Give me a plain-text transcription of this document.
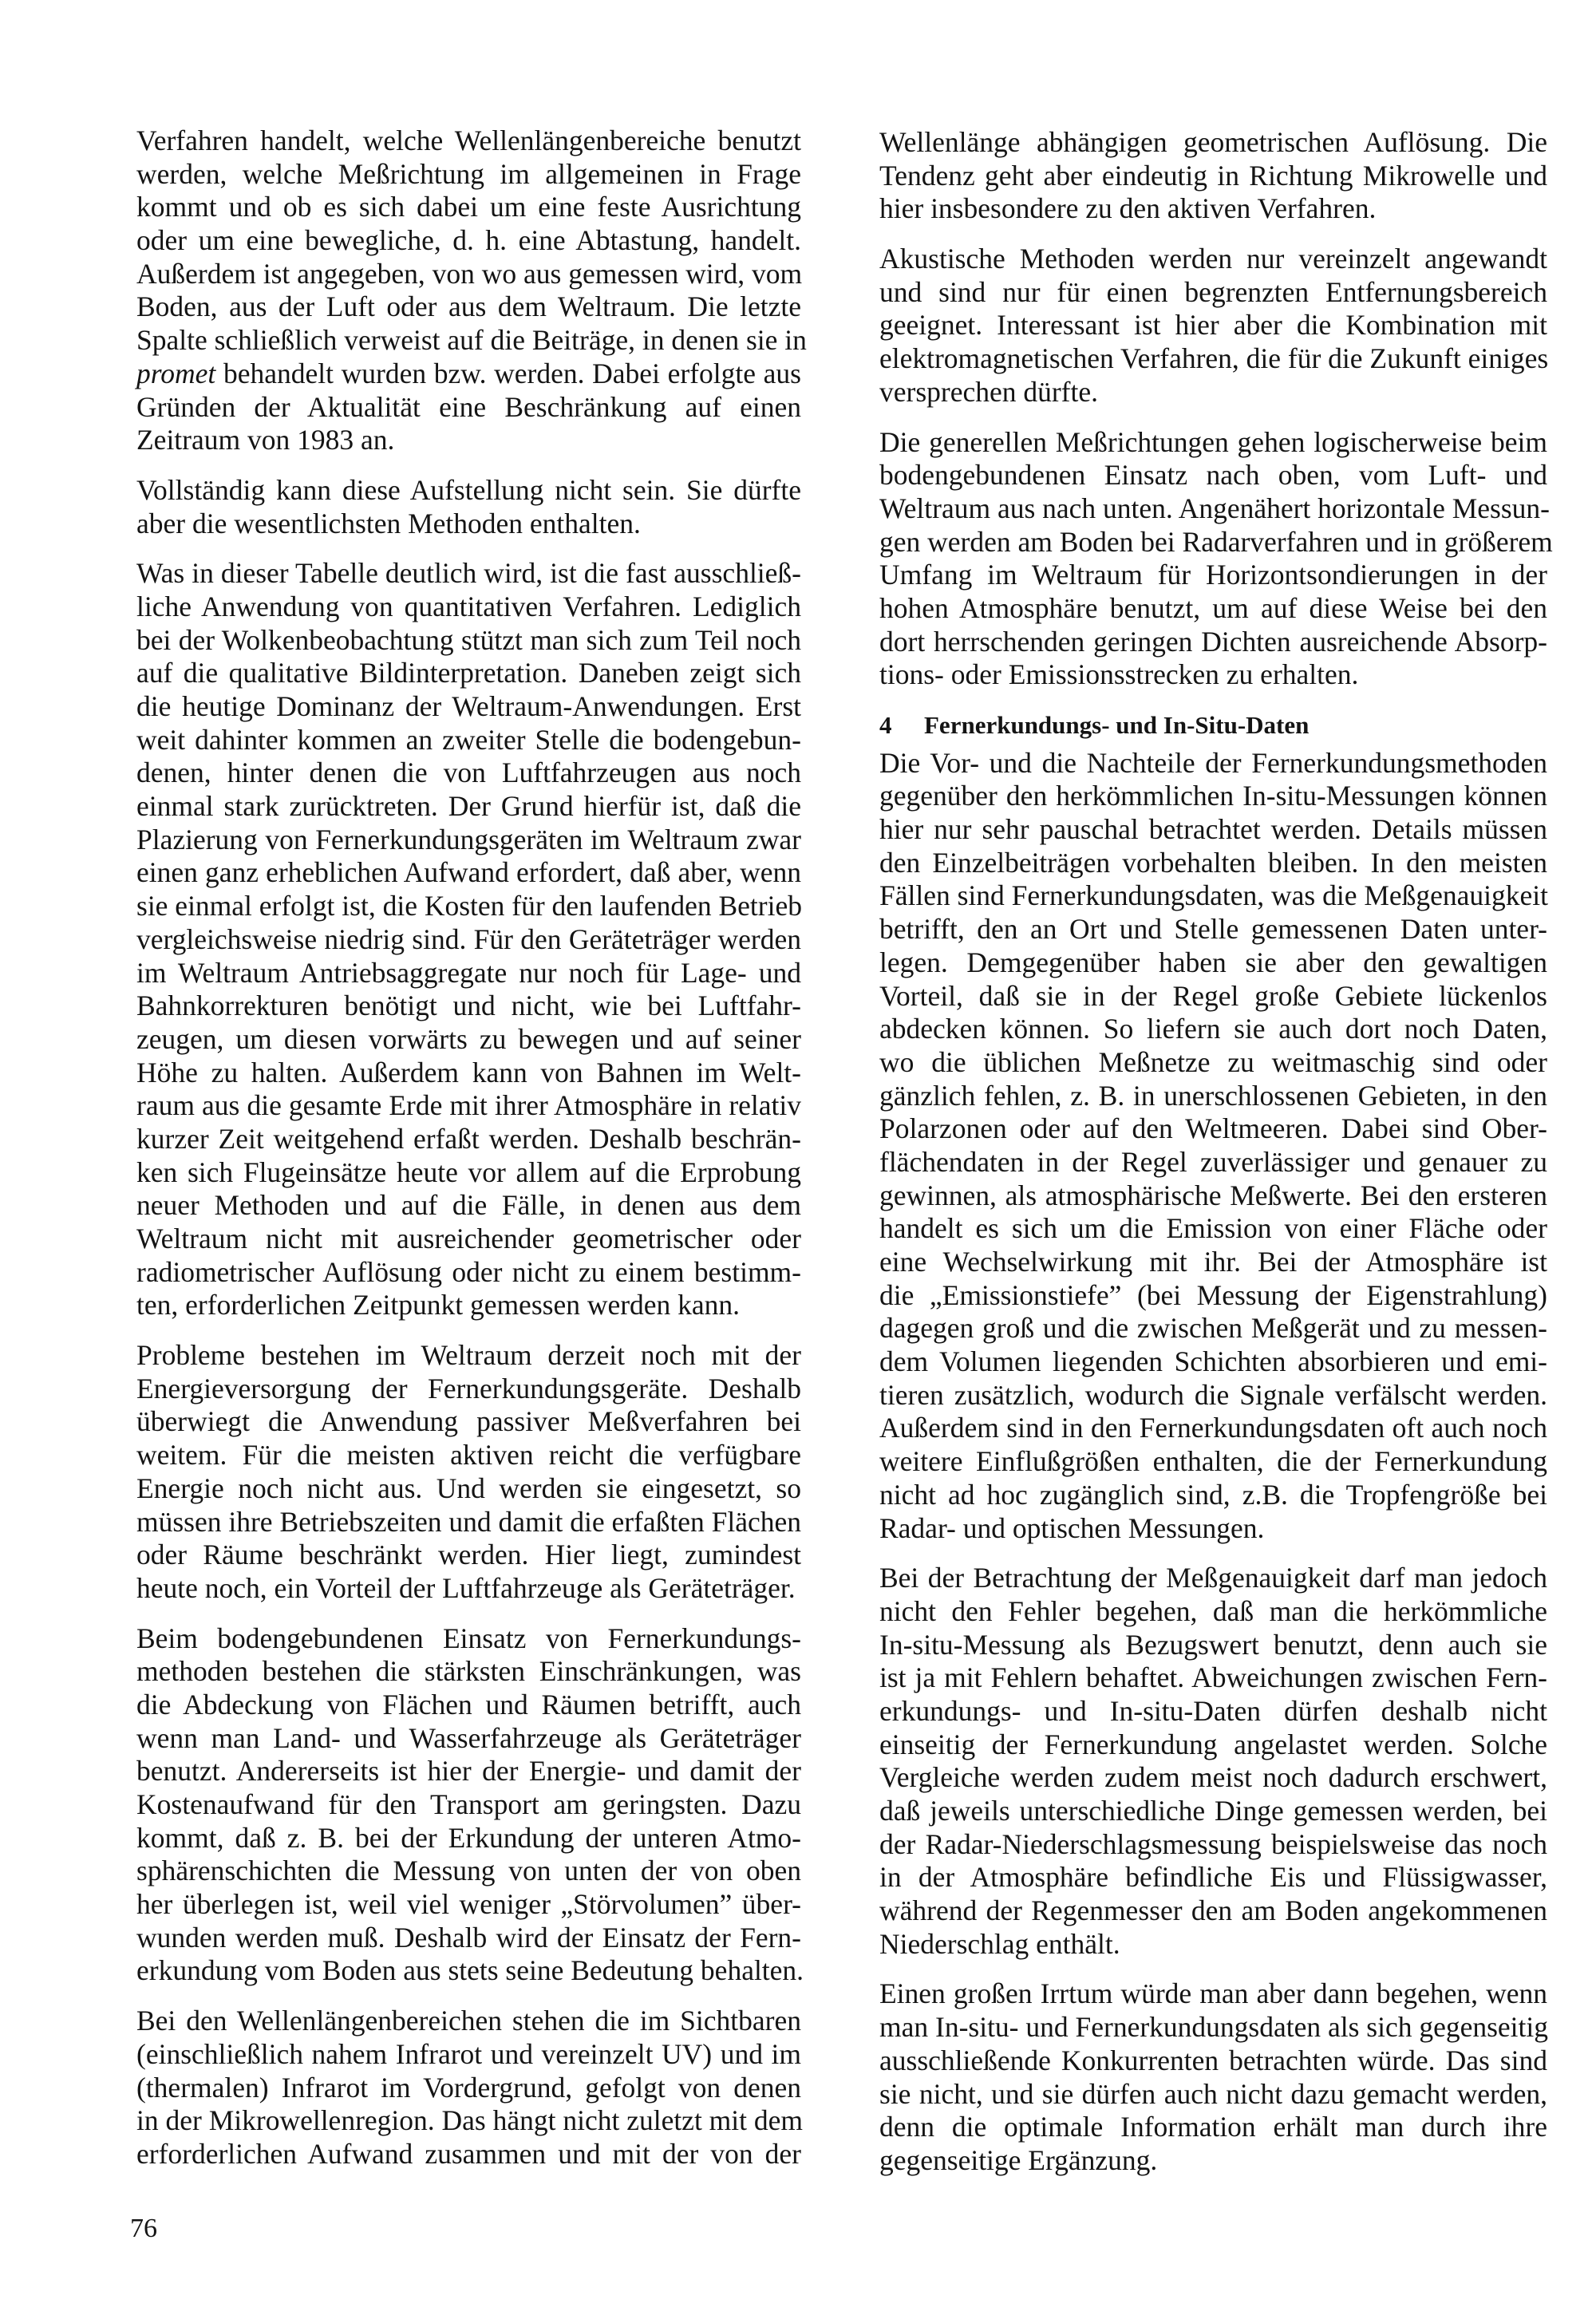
Verfahren handelt, welche Wellenlängenbereiche benutzt
werden, welche Meßrichtung im allgemeinen in Frage
kommt und ob es sich dabei um eine feste Ausrichtung
oder um eine bewegliche, d. h. eine Abtastung, handelt.
Außerdem ist angegeben, von wo aus gemessen wird, vom
Boden, aus der Luft oder aus dem Weltraum. Die letzte
Spalte schließlich verweist auf die Beiträge, in denen sie in
promet behandelt wurden bzw. werden. Dabei erfolgte aus
Gründen der Aktualität eine Beschränkung auf einen
Zeitraum von 1983 an.
Vollständig kann diese Aufstellung nicht sein. Sie dürfte
aber die wesentlichsten Methoden enthalten.
Was in dieser Tabelle deutlich wird, ist die fast ausschließ-
liche Anwendung von quantitativen Verfahren. Lediglich
bei der Wolkenbeobachtung stützt man sich zum Teil noch
auf die qualitative Bildinterpretation. Daneben zeigt sich
die heutige Dominanz der Weltraum-Anwendungen. Erst
weit dahinter kommen an zweiter Stelle die bodengebun-
denen, hinter denen die von Luftfahrzeugen aus noch
einmal stark zurücktreten. Der Grund hierfür ist, daß die
Plazierung von Fernerkundungsgeräten im Weltraum zwar
einen ganz erheblichen Aufwand erfordert, daß aber, wenn
sie einmal erfolgt ist, die Kosten für den laufenden Betrieb
vergleichsweise niedrig sind. Für den Geräteträger werden
im Weltraum Antriebsaggregate nur noch für Lage- und
Bahnkorrekturen benötigt und nicht, wie bei Luftfahr-
zeugen, um diesen vorwärts zu bewegen und auf seiner
Höhe zu halten. Außerdem kann von Bahnen im Welt-
raum aus die gesamte Erde mit ihrer Atmosphäre in relativ
kurzer Zeit weitgehend erfaßt werden. Deshalb beschrän-
ken sich Flugeinsätze heute vor allem auf die Erprobung
neuer Methoden und auf die Fälle, in denen aus dem
Weltraum nicht mit ausreichender geometrischer oder
radiometrischer Auflösung oder nicht zu einem bestimm-
ten, erforderlichen Zeitpunkt gemessen werden kann.
Probleme bestehen im Weltraum derzeit noch mit der
Energieversorgung der Fernerkundungsgeräte. Deshalb
überwiegt die Anwendung passiver Meßverfahren bei
weitem. Für die meisten aktiven reicht die verfügbare
Energie noch nicht aus. Und werden sie eingesetzt, so
müssen ihre Betriebszeiten und damit die erfaßten Flächen
oder Räume beschränkt werden. Hier liegt, zumindest
heute noch, ein Vorteil der Luftfahrzeuge als Geräteträger.
Beim bodengebundenen Einsatz von Fernerkundungs-
methoden bestehen die stärksten Einschränkungen, was
die Abdeckung von Flächen und Räumen betrifft, auch
wenn man Land- und Wasserfahrzeuge als Geräteträger
benutzt. Andererseits ist hier der Energie- und damit der
Kostenaufwand für den Transport am geringsten. Dazu
kommt, daß z. B. bei der Erkundung der unteren Atmo-
sphärenschichten die Messung von unten der von oben
her überlegen ist, weil viel weniger „Störvolumen” über-
wunden werden muß. Deshalb wird der Einsatz der Fern-
erkundung vom Boden aus stets seine Bedeutung behalten.
Bei den Wellenlängenbereichen stehen die im Sichtbaren
(einschließlich nahem Infrarot und vereinzelt UV) und im
(thermalen) Infrarot im Vordergrund, gefolgt von denen
in der Mikrowellenregion. Das hängt nicht zuletzt mit dem
erforderlichen Aufwand zusammen und mit der von der
Wellenlänge abhängigen geometrischen Auflösung. Die
Tendenz geht aber eindeutig in Richtung Mikrowelle und
hier insbesondere zu den aktiven Verfahren.
Akustische Methoden werden nur vereinzelt angewandt
und sind nur für einen begrenzten Entfernungsbereich
geeignet. Interessant ist hier aber die Kombination mit
elektromagnetischen Verfahren, die für die Zukunft einiges
versprechen dürfte.
Die generellen Meßrichtungen gehen logischerweise beim
bodengebundenen Einsatz nach oben, vom Luft- und
Weltraum aus nach unten. Angenähert horizontale Messun-
gen werden am Boden bei Radarverfahren und in größerem
Umfang im Weltraum für Horizontsondierungen in der
hohen Atmosphäre benutzt, um auf diese Weise bei den
dort herrschenden geringen Dichten ausreichende Absorp-
tions- oder Emissionsstrecken zu erhalten.
4 Fernerkundungs- und In-Situ-Daten
Die Vor- und die Nachteile der Fernerkundungsmethoden
gegenüber den herkömmlichen In-situ-Messungen können
hier nur sehr pauschal betrachtet werden. Details müssen
den Einzelbeiträgen vorbehalten bleiben. In den meisten
Fällen sind Fernerkundungsdaten, was die Meßgenauigkeit
betrifft, den an Ort und Stelle gemessenen Daten unter-
legen. Demgegenüber haben sie aber den gewaltigen
Vorteil, daß sie in der Regel große Gebiete lückenlos
abdecken können. So liefern sie auch dort noch Daten,
wo die üblichen Meßnetze zu weitmaschig sind oder
gänzlich fehlen, z. B. in unerschlossenen Gebieten, in den
Polarzonen oder auf den Weltmeeren. Dabei sind Ober-
flächendaten in der Regel zuverlässiger und genauer zu
gewinnen, als atmosphärische Meßwerte. Bei den ersteren
handelt es sich um die Emission von einer Fläche oder
eine Wechselwirkung mit ihr. Bei der Atmosphäre ist
die „Emissionstiefe” (bei Messung der Eigenstrahlung)
dagegen groß und die zwischen Meßgerät und zu messen-
dem Volumen liegenden Schichten absorbieren und emi-
tieren zusätzlich, wodurch die Signale verfälscht werden.
Außerdem sind in den Fernerkundungsdaten oft auch noch
weitere Einflußgrößen enthalten, die der Fernerkundung
nicht ad hoc zugänglich sind, z.B. die Tropfengröße bei
Radar- und optischen Messungen.
Bei der Betrachtung der Meßgenauigkeit darf man jedoch
nicht den Fehler begehen, daß man die herkömmliche
In-situ-Messung als Bezugswert benutzt, denn auch sie
ist ja mit Fehlern behaftet. Abweichungen zwischen Fern-
erkundungs- und In-situ-Daten dürfen deshalb nicht
einseitig der Fernerkundung angelastet werden. Solche
Vergleiche werden zudem meist noch dadurch erschwert,
daß jeweils unterschiedliche Dinge gemessen werden, bei
der Radar-Niederschlagsmessung beispielsweise das noch
in der Atmosphäre befindliche Eis und Flüssigwasser,
während der Regenmesser den am Boden angekommenen
Niederschlag enthält.
Einen großen Irrtum würde man aber dann begehen, wenn
man In-situ- und Fernerkundungsdaten als sich gegenseitig
ausschließende Konkurrenten betrachten würde. Das sind
sie nicht, und sie dürfen auch nicht dazu gemacht werden,
denn die optimale Information erhält man durch ihre
gegenseitige Ergänzung.
76
